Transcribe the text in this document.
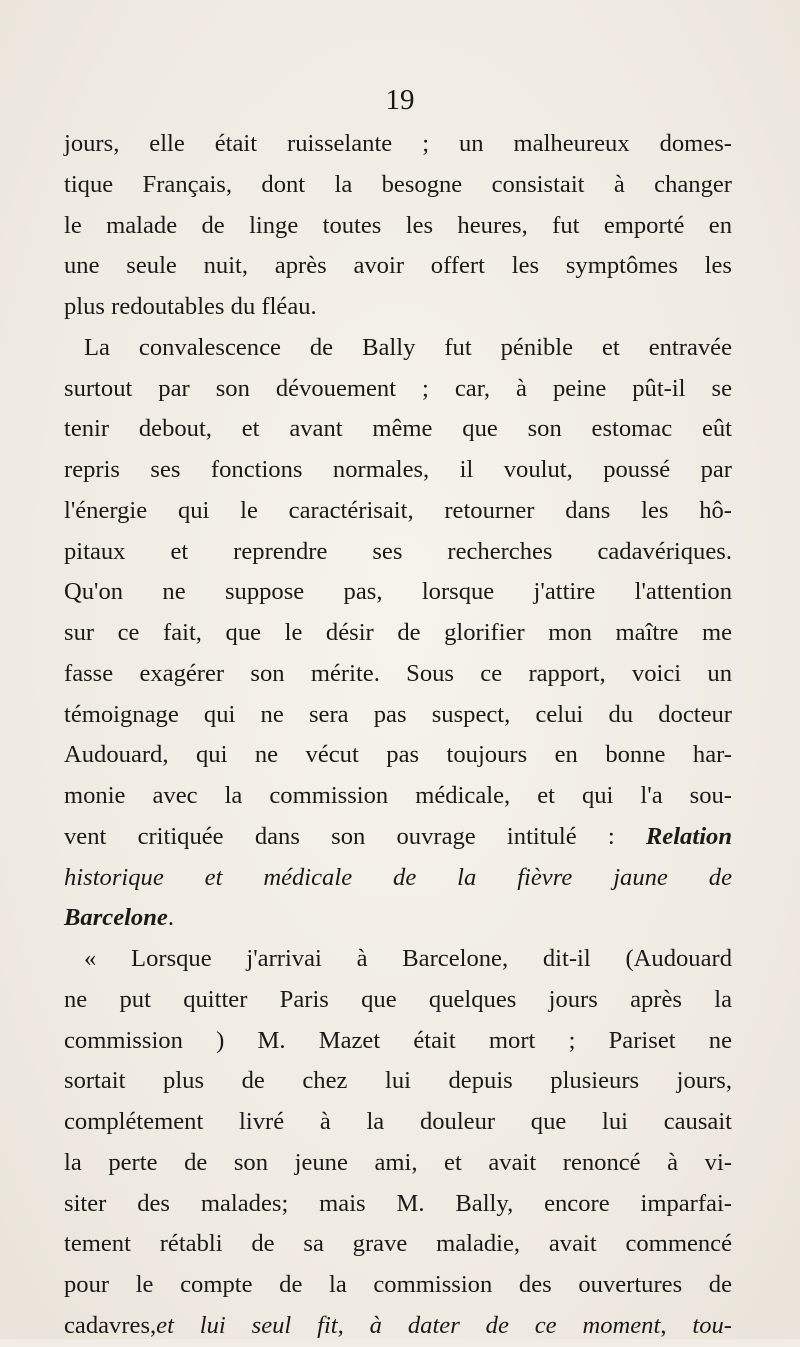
19
jours, elle était ruisselante ; un malheureux domes-
tique Français, dont la besogne consistait à changer
le malade de linge toutes les heures, fut emporté en
une seule nuit, après avoir offert les symptômes les
plus redoutables du fléau.
La convalescence de Bally fut pénible et entravée
surtout par son dévouement ; car, à peine pût-il se
tenir debout, et avant même que son estomac eût
repris ses fonctions normales, il voulut, poussé par
l'énergie qui le caractérisait, retourner dans les hô-
pitaux et reprendre ses recherches cadavériques.
Qu'on ne suppose pas, lorsque j'attire l'attention
sur ce fait, que le désir de glorifier mon maître me
fasse exagérer son mérite. Sous ce rapport, voici un
témoignage qui ne sera pas suspect, celui du docteur
Audouard, qui ne vécut pas toujours en bonne har-
monie avec la commission médicale, et qui l'a sou-
vent critiquée dans son ouvrage intitulé : Relation
historique et médicale de la fièvre jaune de
Barcelone.
« Lorsque j'arrivai à Barcelone, dit-il (Audouard
ne put quitter Paris que quelques jours après la
commission ) M. Mazet était mort ; Pariset ne
sortait plus de chez lui depuis plusieurs jours,
complétement livré à la douleur que lui causait
la perte de son jeune ami, et avait renoncé à vi-
siter des malades; mais M. Bally, encore imparfai-
tement rétabli de sa grave maladie, avait commencé
pour le compte de la commission des ouvertures de
cadavres,et lui seul fit, à dater de ce moment, tou-
